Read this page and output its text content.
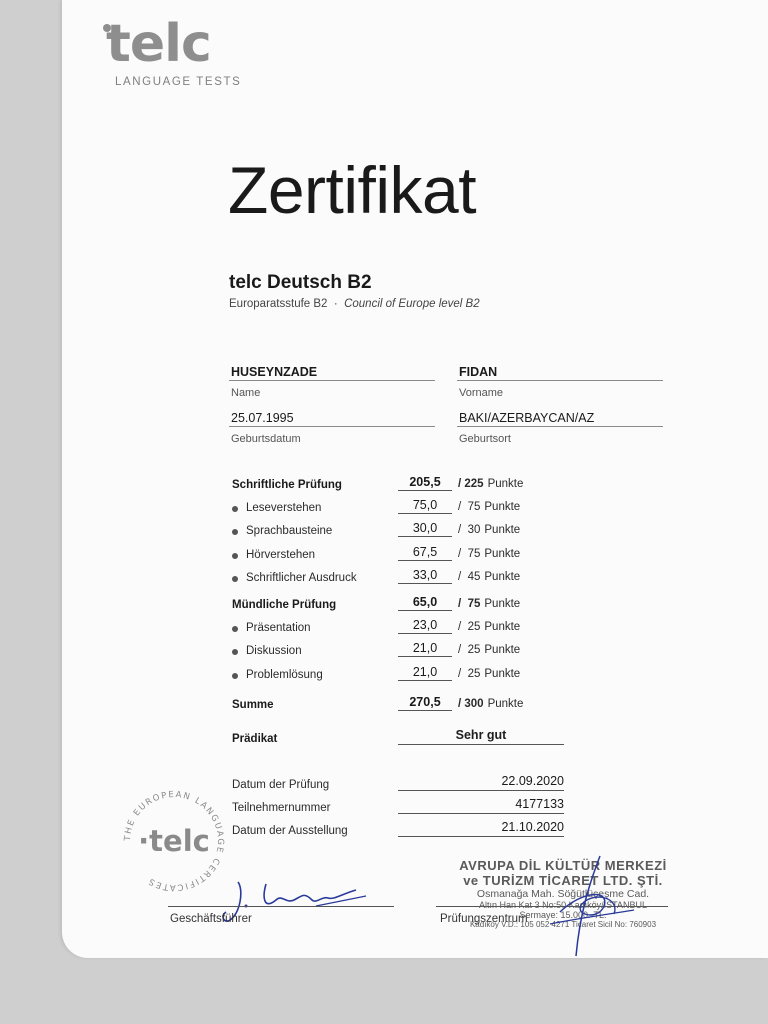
telc
LANGUAGE TESTS
Zertifikat
telc Deutsch B2
Europaratsstufe B2 · Council of Europe level B2
HUSEYNZADE
Name
FIDAN
Vorname
25.07.1995
Geburtsdatum
BAKI/AZERBAYCAN/AZ
Geburtsort
Schriftliche Prüfung	205,5	/ 225 Punkte
Leseverstehen	75,0	/  75 Punkte
Sprachbausteine	30,0	/  30 Punkte
Hörverstehen	67,5	/  75 Punkte
Schriftlicher Ausdruck	33,0	/  45 Punkte
Mündliche Prüfung	65,0	/  75 Punkte
Präsentation	23,0	/  25 Punkte
Diskussion	21,0	/  25 Punkte
Problemlösung	21,0	/  25 Punkte
Summe	270,5	/ 300 Punkte
Prädikat	Sehr gut
Datum der Prüfung	22.09.2020
Teilnehmernummer	4177133
Datum der Ausstellung	21.10.2020
THE EUROPEAN LANGUAGE CERTIFICATES
·telc
Geschäftsführer	Prüfungszentrum
AVRUPA DİL KÜLTÜR MERKEZİ
ve TURİZM TİCARET LTD. ŞTİ.
Osmanağa Mah. Söğütlüçeşme Cad.
Altın Han Kat 3 No:50 Kadıköy/İSTANBUL
Sermaye: 15.000.-TL.
Kadıköy V.D.: 105 052 4271 Ticaret Sicil No: 760903
